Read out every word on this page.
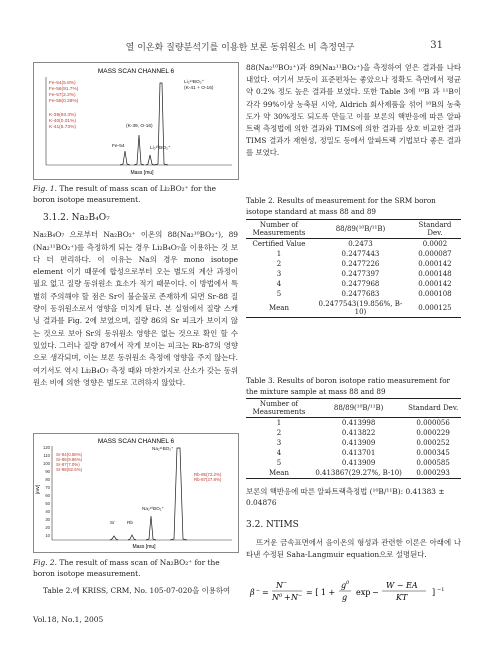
열 이온화 질량분석기를 이용한 보론 동위원소 비 측정연구	31
MASS SCAN CHANNEL 6
Fe-54(5.8%)
Fe-56(91.7%)
Fe-57(2.2%)
Fe-58(0.28%)
K-39(93.3%)
K-40(0.01%)
K-41(6.73%)
Li₂¹¹BO₂⁺
(K-41 + O-16)
(K-39, O-16)
Fe-54	Li₂¹⁰BO₂⁺
Mass [mu]
Fig. 1. The result of mass scan of Li₂BO₂⁺ for the boron isotope measurement.
3.1.2. Na₂B₄O₇

Na₂B₄O₇ 으로부터 Na₂BO₂⁺ 이온의 88(Na₂¹⁰BO₂⁺), 89 (Na₂¹¹BO₂⁺)를 측정하게 되는 경우 Li₂B₄O₇을 이용하는 것 보다 더 편리하다. 이 이유는 Na의 경우 mono isotope element 이기 때문에 합성으로부터 오는 별도의 계산 과정이 필요 없고 질량 동위원소 효소가 적기 때문이다. 이 방법에서 특별히 주의해야 할 점은 Sr이 불순물로 존재하게 되면 Sr-88 질량이 동위원소로서 영향을 미치게 된다. 본 실험에서 질량 스캐닝 결과를 Fig. 2에 보였으며, 질량 86의 Sr 피크가 보이지 않는 것으로 보아 Sr의 동위원소 영향은 없는 것으로 확인 할 수 있었다. 그러나 질량 87에서 작게 보이는 피크는 Rb-87의 영향으로 생각되며, 이는 보론 동위원소 측정에 영향을 주지 않는다. 여기서도 역시 Li₂B₄O₇ 측정 때와 마찬가지로 산소가 갖는 동위원소 비에 의한 영향은 별도로 고려하지 않았다.

MASS SCAN CHANNEL 6
120
110
100
90
80
70
60
50
40
30
20
10
[mV]
Sr-84(0.56%)
Sr-86(9.86%)
Sr-87(7.0%)
Sr-88(82.6%)
Rb-85(72.2%)
Rb-87(27.8%)
Na₂¹¹BO₂⁺
Sr	Rb
Na₂¹⁰BO₂⁺
Mass [mu]
Fig. 2. The result of mass scan of Na₂BO₂⁺ for the boron isotope measurement.

Table 2.에 KRISS, CRM, No. 105-07-020을 이용하여

Vol.18, No.1, 2005

88(Na₂¹⁰BO₂⁺)과 89(Na₂¹¹BO₂⁺)을 측정하여 얻은 결과를 나타내었다. 여기서 보듯이 표준편차는 좋았으나 정확도 측면에서 평균 약 0.2% 정도 높은 결과를 보였다. 또한 Table 3에 ¹⁰B 과 ¹¹B이 각각 99%이상 농축된 시약, Aldrich 회사제품을 섞어 ¹⁰B의 농축도가 약 30%정도 되도록 만들고 이를 보론의 핵반응에 따른 알파트랙 측정법에 의한 결과와 TIMS에 의한 결과를 상호 비교한 결과 TIMS 결과가 재현성, 정밀도 등에서 알파트랙 기법보다 좋은 결과를 보였다.

Table 2. Results of measurement for the SRM boron isotope standard at mass 88 and 89
Number of Measurements	88/89(¹⁰B/¹¹B)	Standard Dev.
Certified Value	0.2473	0.0002
1	0.2477443	0.000087
2	0.2477226	0.000142
3	0.2477397	0.000148
4	0.2477968	0.000142
5	0.2477683	0.000108
Mean	0.2477543(19.856%, B-10)	0.000125
Table 3. Results of boron isotope ratio measurement for the mixture sample at mass 88 and 89
Number of Measurements	88/89(¹⁰B/¹¹B)	Standard Dev.
1	0.413998	0.000056
2	0.413822	0.000229
3	0.413909	0.000252
4	0.413701	0.000345
5	0.413909	0.000585
Mean	0.413867(29.27%, B-10)	0.000293
보론의 핵반응에 따른 알파트랙측정법 (¹⁰B/¹¹B): 0.41383 ± 0.04876
3.2. NTIMS

뜨거운 금속표면에서 음이온의 형성과 관련한 이론은 아래에 나타낸 수정된 Saha-Langmuir equation으로 설명된다.

β − =
N −
N 0 + N − = [ 1 +
g 0
g
exp −
W − EA
KT
] −1
